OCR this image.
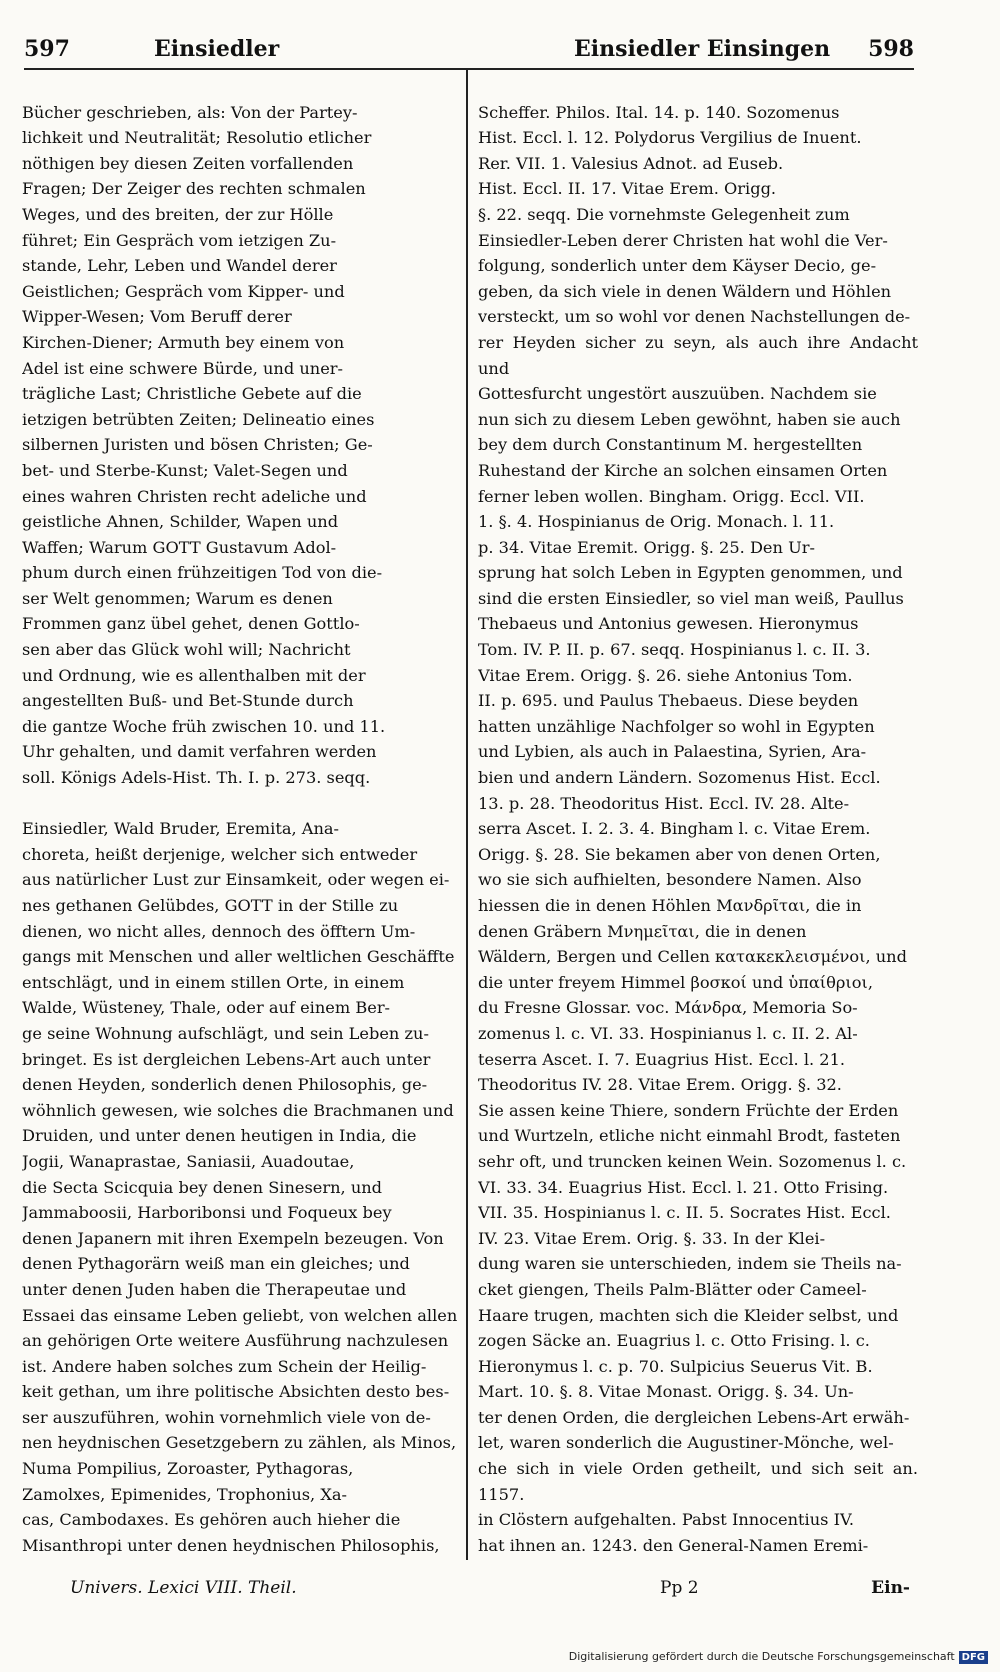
597	Einsiedler	Einsiedler Einsingen 598

Bücher geschrieben, als: Von der Partey-
lichkeit und Neutralität; Resolutio etlicher
nöthigen bey diesen Zeiten vorfallenden
Fragen; Der Zeiger des rechten schmalen
Weges, und des breiten, der zur Hölle
führet; Ein Gespräch vom ietzigen Zu-
stande, Lehr, Leben und Wandel derer
Geistlichen; Gespräch vom Kipper- und
Wipper-Wesen; Vom Beruff derer
Kirchen-Diener; Armuth bey einem von
Adel ist eine schwere Bürde, und uner-
trägliche Last; Christliche Gebete auf die
ietzigen betrübten Zeiten; Delineatio eines
silbernen Juristen und bösen Christen; Ge-
bet- und Sterbe-Kunst; Valet-Segen und
eines wahren Christen recht adeliche und
geistliche Ahnen, Schilder, Wapen und
Waffen; Warum GOTT Gustavum Adol-
phum durch einen frühzeitigen Tod von die-
ser Welt genommen; Warum es denen
Frommen ganz übel gehet, denen Gottlo-
sen aber das Glück wohl will; Nachricht
und Ordnung, wie es allenthalben mit der
angestellten Buß- und Bet-Stunde durch
die gantze Woche früh zwischen 10. und 11.
Uhr gehalten, und damit verfahren werden
soll. Königs Adels-Hist. Th. I. p. 273. seqq.

Einsiedler, Wald Bruder, Eremita, Ana-
choreta, heißt derjenige, welcher sich entweder
aus natürlicher Lust zur Einsamkeit, oder wegen ei-
nes gethanen Gelübdes, GOTT in der Stille zu
dienen, wo nicht alles, dennoch des öfftern Um-
gangs mit Menschen und aller weltlichen Geschäffte
entschlägt, und in einem stillen Orte, in einem
Walde, Wüsteney, Thale, oder auf einem Ber-
ge seine Wohnung aufschlägt, und sein Leben zu-
bringet. Es ist dergleichen Lebens-Art auch unter
denen Heyden, sonderlich denen Philosophis, ge-
wöhnlich gewesen, wie solches die Brachmanen und
Druiden, und unter denen heutigen in India, die
Jogii, Wanaprastae, Saniasii, Auadoutae,
die Secta Scicquia bey denen Sinesern, und
Jammaboosii, Harboribonsi und Foqueux bey
denen Japanern mit ihren Exempeln bezeugen. Von
denen Pythagorärn weiß man ein gleiches; und
unter denen Juden haben die Therapeutae und
Essaei das einsame Leben geliebt, von welchen allen
an gehörigen Orte weitere Ausführung nachzulesen
ist. Andere haben solches zum Schein der Heilig-
keit gethan, um ihre politische Absichten desto bes-
ser auszuführen, wohin vornehmlich viele von de-
nen heydnischen Gesetzgebern zu zählen, als Minos,
Numa Pompilius, Zoroaster, Pythagoras,
Zamolxes, Epimenides, Trophonius, Xa-
cas, Cambodaxes. Es gehören auch hieher die
Misanthropi unter denen heydnischen Philosophis,

Scheffer. Philos. Ital. 14. p. 140. Sozomenus
Hist. Eccl. l. 12. Polydorus Vergilius de Inuent.
Rer. VII. 1. Valesius Adnot. ad Euseb.
Hist. Eccl. II. 17. Vitae Erem. Origg.
§. 22. seqq. Die vornehmste Gelegenheit zum
Einsiedler-Leben derer Christen hat wohl die Ver-
folgung, sonderlich unter dem Käyser Decio, ge-
geben, da sich viele in denen Wäldern und Höhlen
versteckt, um so wohl vor denen Nachstellungen de-
rer Heyden sicher zu seyn, als auch ihre Andacht und
Gottesfurcht ungestört auszuüben. Nachdem sie
nun sich zu diesem Leben gewöhnt, haben sie auch
bey dem durch Constantinum M. hergestellten
Ruhestand der Kirche an solchen einsamen Orten
ferner leben wollen. Bingham. Origg. Eccl. VII.
1. §. 4. Hospinianus de Orig. Monach. l. 11.
p. 34. Vitae Eremit. Origg. §. 25. Den Ur-
sprung hat solch Leben in Egypten genommen, und
sind die ersten Einsiedler, so viel man weiß, Paullus
Thebaeus und Antonius gewesen. Hieronymus
Tom. IV. P. II. p. 67. seqq. Hospinianus l. c. II. 3.
Vitae Erem. Origg. §. 26. siehe Antonius Tom.
II. p. 695. und Paulus Thebaeus. Diese beyden
hatten unzählige Nachfolger so wohl in Egypten
und Lybien, als auch in Palaestina, Syrien, Ara-
bien und andern Ländern. Sozomenus Hist. Eccl.
13. p. 28. Theodoritus Hist. Eccl. IV. 28. Alte-
serra Ascet. I. 2. 3. 4. Bingham l. c. Vitae Erem.
Origg. §. 28. Sie bekamen aber von denen Orten,
wo sie sich aufhielten, besondere Namen. Also
hiessen die in denen Höhlen Μανδρῖται, die in
denen Gräbern Μνημεῖται, die in denen
Wäldern, Bergen und Cellen κατακεκλεισμένοι, und
die unter freyem Himmel βοσκοί und ὑπαίθριοι,
du Fresne Glossar. voc. Μάνδρα, Memoria So-
zomenus l. c. VI. 33. Hospinianus l. c. II. 2. Al-
teserra Ascet. I. 7. Euagrius Hist. Eccl. l. 21.
Theodoritus IV. 28. Vitae Erem. Origg. §. 32.
Sie assen keine Thiere, sondern Früchte der Erden
und Wurtzeln, etliche nicht einmahl Brodt, fasteten
sehr oft, und truncken keinen Wein. Sozomenus l. c.
VI. 33. 34. Euagrius Hist. Eccl. l. 21. Otto Frising.
VII. 35. Hospinianus l. c. II. 5. Socrates Hist. Eccl.
IV. 23. Vitae Erem. Orig. §. 33. In der Klei-
dung waren sie unterschieden, indem sie Theils na-
cket giengen, Theils Palm-Blätter oder Cameel-
Haare trugen, machten sich die Kleider selbst, und
zogen Säcke an. Euagrius l. c. Otto Frising. l. c.
Hieronymus l. c. p. 70. Sulpicius Seuerus Vit. B.
Mart. 10. §. 8. Vitae Monast. Origg. §. 34. Un-
ter denen Orden, die dergleichen Lebens-Art erwäh-
let, waren sonderlich die Augustiner-Mönche, wel-
che sich in viele Orden getheilt, und sich seit an. 1157.
in Clöstern aufgehalten. Pabst Innocentius IV.
hat ihnen an. 1243. den General-Namen Eremi-

Univers. Lexici VIII. Theil.	Pp 2	Ein-
Digitalisierung gefördert durch die Deutsche Forschungsgemeinschaft DFG
